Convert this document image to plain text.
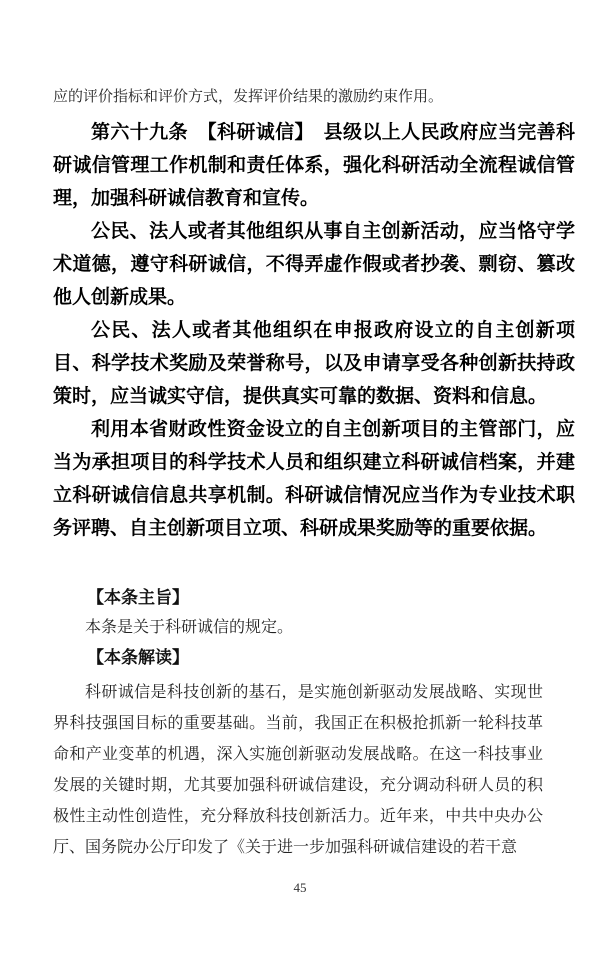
应的评价指标和评价方式，发挥评价结果的激励约束作用。

第六十九条　【科研诚信】　县级以上人民政府应当完善科研诚信管理工作机制和责任体系，强化科研活动全流程诚信管理，加强科研诚信教育和宣传。

公民、法人或者其他组织从事自主创新活动，应当恪守学术道德，遵守科研诚信，不得弄虚作假或者抄袭、剽窃、篡改他人创新成果。

公民、法人或者其他组织在申报政府设立的自主创新项目、科学技术奖励及荣誉称号，以及申请享受各种创新扶持政策时，应当诚实守信，提供真实可靠的数据、资料和信息。

利用本省财政性资金设立的自主创新项目的主管部门，应当为承担项目的科学技术人员和组织建立科研诚信档案，并建立科研诚信信息共享机制。科研诚信情况应当作为专业技术职务评聘、自主创新项目立项、科研成果奖励等的重要依据。

【本条主旨】

本条是关于科研诚信的规定。

【本条解读】

科研诚信是科技创新的基石，是实施创新驱动发展战略、实现世界科技强国目标的重要基础。当前，我国正在积极抢抓新一轮科技革命和产业变革的机遇，深入实施创新驱动发展战略。在这一科技事业发展的关键时期，尤其要加强科研诚信建设，充分调动科研人员的积极性主动性创造性，充分释放科技创新活力。近年来，中共中央办公厅、国务院办公厅印发了《关于进一步加强科研诚信建设的若干意

45
